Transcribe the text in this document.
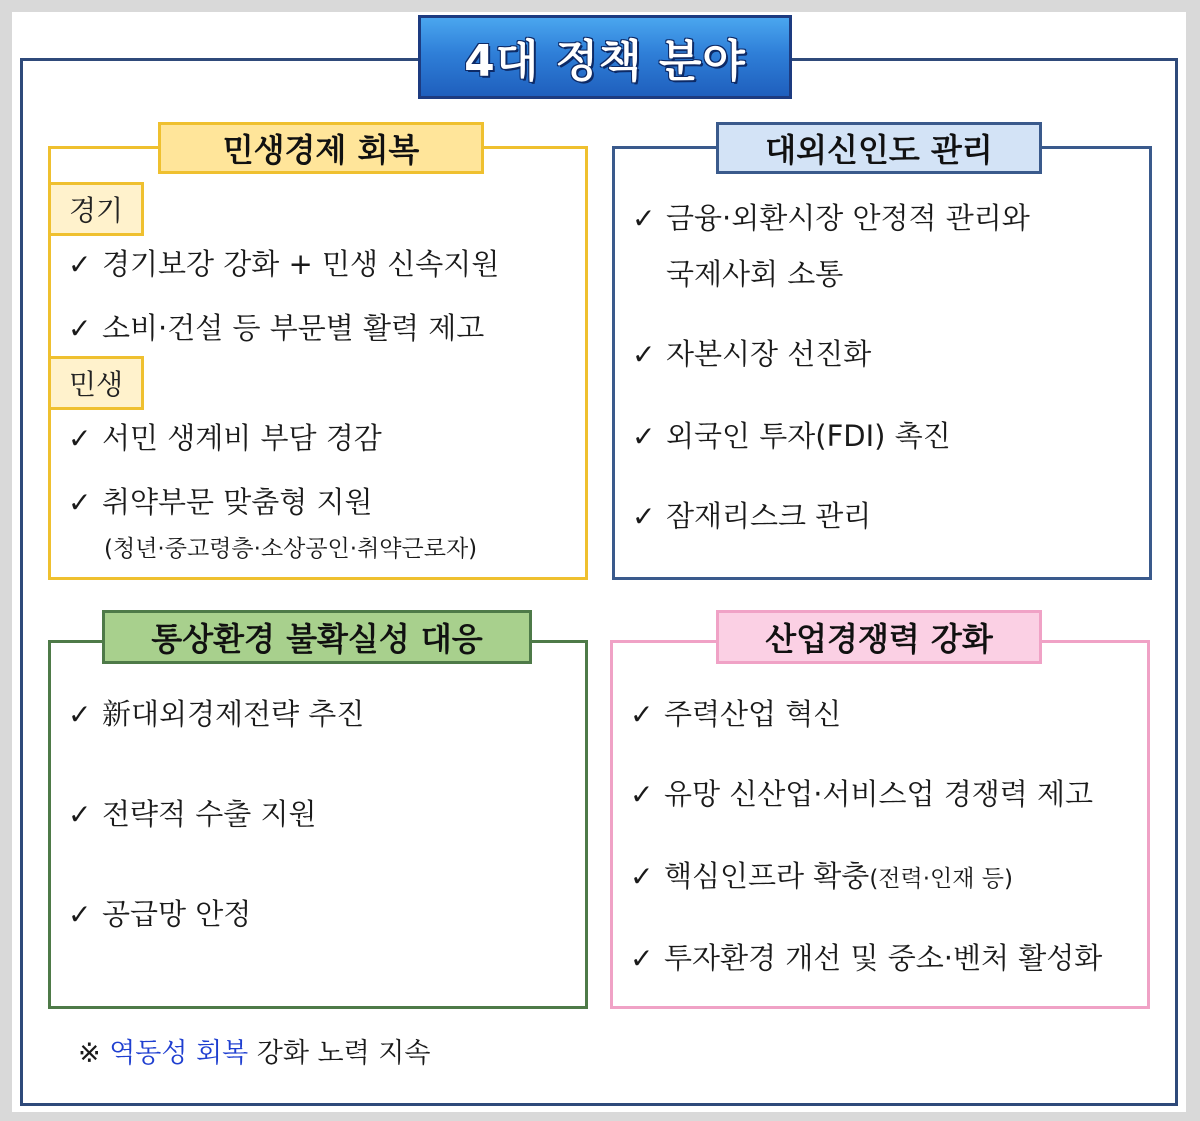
4대 정책 분야
민생경제 회복
경기
민생
✓ 경기보강 강화 + 민생 신속지원
✓ 소비·건설 등 부문별 활력 제고
✓ 서민 생계비 부담 경감
✓ 취약부문 맞춤형 지원
(청년·중고령층·소상공인·취약근로자)
대외신인도 관리
✓ 금융·외환시장 안정적 관리와
국제사회 소통
✓ 자본시장 선진화
✓ 외국인 투자(FDI) 촉진
✓ 잠재리스크 관리
통상환경 불확실성 대응
✓ 新대외경제전략 추진
✓ 전략적 수출 지원
✓ 공급망 안정
산업경쟁력 강화
✓ 주력산업 혁신
✓ 유망 신산업·서비스업 경쟁력 제고
✓ 핵심인프라 확충(전력·인재 등)
✓ 투자환경 개선 및 중소·벤처 활성화
※ 역동성 회복 강화 노력 지속
